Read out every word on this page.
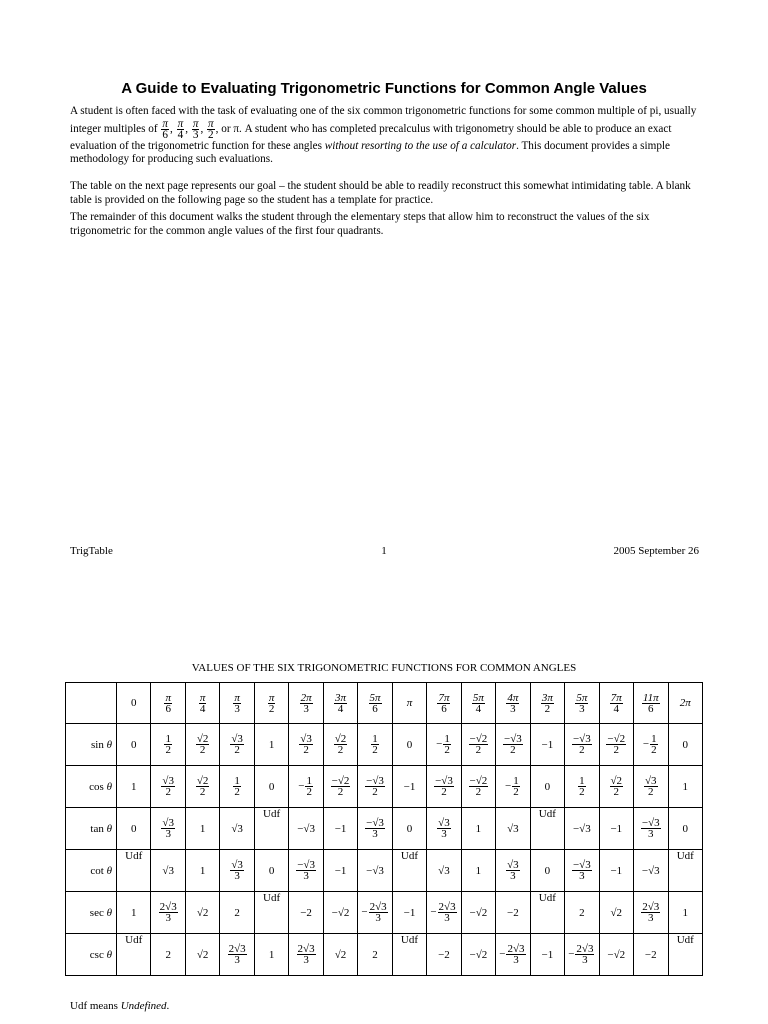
A Guide to Evaluating Trigonometric Functions for Common Angle Values
A student is often faced with the task of evaluating one of the six common trigonometric functions for some common multiple of pi, usually integer multiples of $\frac{\pi}{6}$ , $\frac{\pi}{4}$ , $\frac{\pi}{3}$ , $\frac{\pi}{2}$ , or π. A student who has completed precalculus with trigonometry should be able to produce an exact evaluation of the trigonometric function for these angles without resorting to the use of a calculator. This document provides a simple methodology for producing such evaluations.
The table on the next page represents our goal – the student should be able to readily reconstruct this somewhat intimidating table. A blank table is provided on the following page so the student has a template for practice.
The remainder of this document walks the student through the elementary steps that allow him to reconstruct the values of the six trigonometric for the common angle values of the first four quadrants.
TrigTable	1	2005 September 26
VALUES OF THE SIX TRIGONOMETRIC FUNCTIONS FOR COMMON ANGLES
	0	$\frac{\pi}{6}$	$\frac{\pi}{4}$	$\frac{\pi}{3}$	$\frac{\pi}{2}$	$\frac{2\pi}{3}$	$\frac{3\pi}{4}$	$\frac{5\pi}{6}$	π	$\frac{7\pi}{6}$	$\frac{5\pi}{4}$	$\frac{4\pi}{3}$	$\frac{3\pi}{2}$	$\frac{5\pi}{3}$	$\frac{7\pi}{4}$	$\frac{11\pi}{6}$	2π
sin θ	0	$\frac{1}{2}$	$\frac{√2}{2}$	$\frac{√3}{2}$	1	$\frac{√3}{2}$	$\frac{√2}{2}$	$\frac{1}{2}$	0	− $\frac{1}{2}$	$\frac{-√2}{2}$	$\frac{-√3}{2}$	−1	$\frac{-√3}{2}$	$\frac{-√2}{2}$	− $\frac{1}{2}$	0
cos θ	1	$\frac{√3}{2}$	$\frac{√2}{2}$	$\frac{1}{2}$	0	− $\frac{1}{2}$	$\frac{-√2}{2}$	$\frac{-√3}{2}$	−1	$\frac{-√3}{2}$	$\frac{-√2}{2}$	− $\frac{1}{2}$	0	$\frac{1}{2}$	$\frac{√2}{2}$	$\frac{√3}{2}$	1
tan θ	0	$\frac{√3}{3}$	1	√3	Udf	−√3	−1	$\frac{-√3}{3}$	0	$\frac{√3}{3}$	1	√3	Udf	−√3	−1	$\frac{-√3}{3}$	0
cot θ	Udf	√3	1	$\frac{√3}{3}$	0	$\frac{-√3}{3}$	−1	−√3	Udf	√3	1	$\frac{√3}{3}$	0	$\frac{-√3}{3}$	−1	−√3	Udf
sec θ	1	$\frac{2√3}{3}$	√2	2	Udf	−2	−√2	− $\frac{2√3}{3}$	−1	− $\frac{2√3}{3}$	−√2	−2	Udf	2	√2	$\frac{2√3}{3}$	1
csc θ	Udf	2	√2	$\frac{2√3}{3}$	1	$\frac{2√3}{3}$	√2	2	Udf	−2	−√2	− $\frac{2√3}{3}$	−1	− $\frac{2√3}{3}$	−√2	−2	Udf
Udf means Undefined.
